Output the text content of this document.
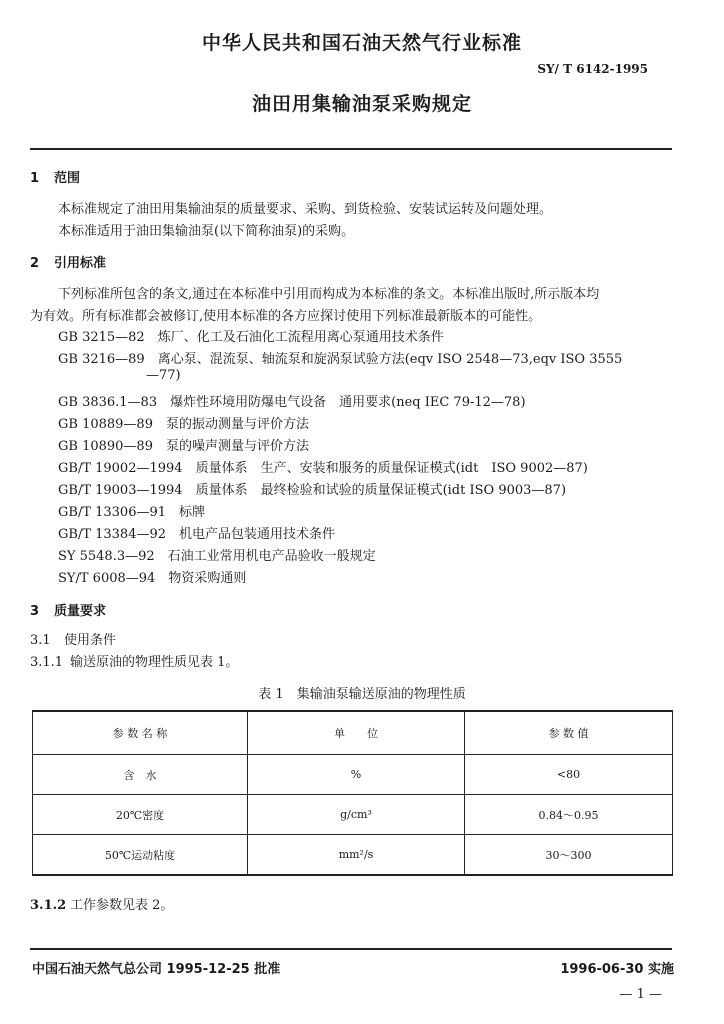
中华人民共和国石油天然气行业标准
SY/ T 6142-1995
油田用集输油泵采购规定
1 范围
本标准规定了油田用集输油泵的质量要求、采购、到货检验、安装试运转及问题处理。
本标准适用于油田集输油泵(以下简称油泵)的采购。
2 引用标准
下列标准所包含的条文,通过在本标准中引用而构成为本标准的条文。本标准出版时,所示版本均
为有效。所有标准都会被修订,使用本标准的各方应探讨使用下列标准最新版本的可能性。
GB 3215—82　 炼厂、化工及石油化工流程用离心泵通用技术条件
GB 3216—89　 离心泵、混流泵、轴流泵和旋涡泵试验方法(eqv ISO 2548—73,eqv ISO 3555
—77)
GB 3836.1—83　 爆炸性环境用防爆电气设备　通用要求(neq IEC 79-12—78)
GB 10889—89　 泵的振动测量与评价方法
GB 10890—89　 泵的噪声测量与评价方法
GB/T 19002—1994　 质量体系　生产、安装和服务的质量保证模式(idt　ISO 9002—87)
GB/T 19003—1994　 质量体系　最终检验和试验的质量保证模式(idt ISO 9003—87)
GB/T 13306—91　 标牌
GB/T 13384—92　 机电产品包装通用技术条件
SY 5548.3—92　 石油工业常用机电产品验收一般规定
SY/T 6008—94　 物资采购通则
3 质量要求
3.1 使用条件
3.1.1 输送原油的物理性质见表 1。
表 1　集输油泵输送原油的物理性质
参 数 名 称	单　　位	参 数 值
含　水	%	<80
20℃密度	g/cm³	0.84～0.95
50℃运动粘度	mm²/s	30～300
3.1.2 工作参数见表 2。
中国石油天然气总公司 1995-12-25 批准	1996-06-30 实施
— 1 —
